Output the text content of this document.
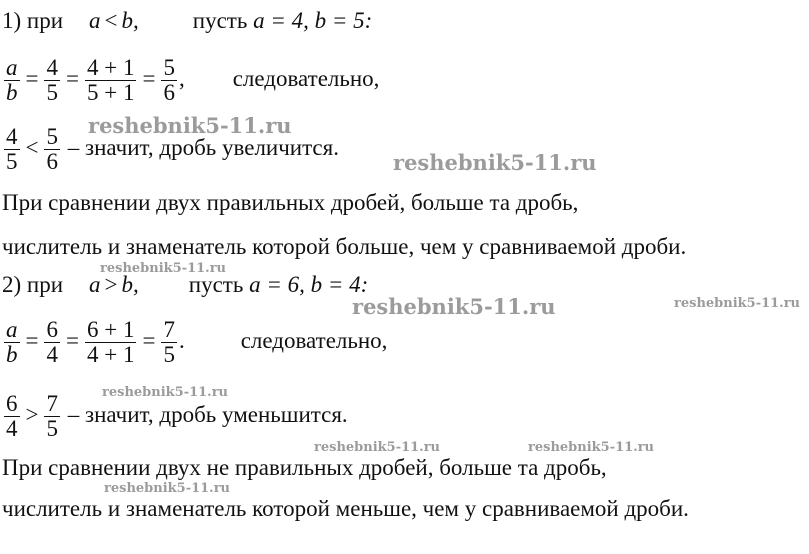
1) при a < b, пусть a = 4, b = 5:
$\frac{a}{b} = \frac{4}{5} = \frac{4 + 1}{5 + 1} = \frac{5}{6}$ , следовательно,
$\frac{4}{5} < \frac{5}{6}$ – значит, дробь увеличится.
При сравнении двух правильных дробей, больше та дробь,
числитель и знаменатель которой больше, чем у сравниваемой дроби.
2) при a > b, пусть a = 6, b = 4:
$\frac{a}{b} = \frac{6}{4} = \frac{6 + 1}{4 + 1} = \frac{7}{5}$ . следовательно,
$\frac{6}{4} > \frac{7}{5}$ – значит, дробь уменьшится.
При сравнении двух не правильных дробей, больше та дробь,
числитель и знаменатель которой меньше, чем у сравниваемой дроби.
reshebnik5-11.ru
reshebnik5-11.ru
reshebnik5-11.ru
reshebnik5-11.ru	reshebnik5-11.ru
reshebnik5-11.ru
reshebnik5-11.ru	reshebnik5-11.ru
reshebnik5-11.ru
